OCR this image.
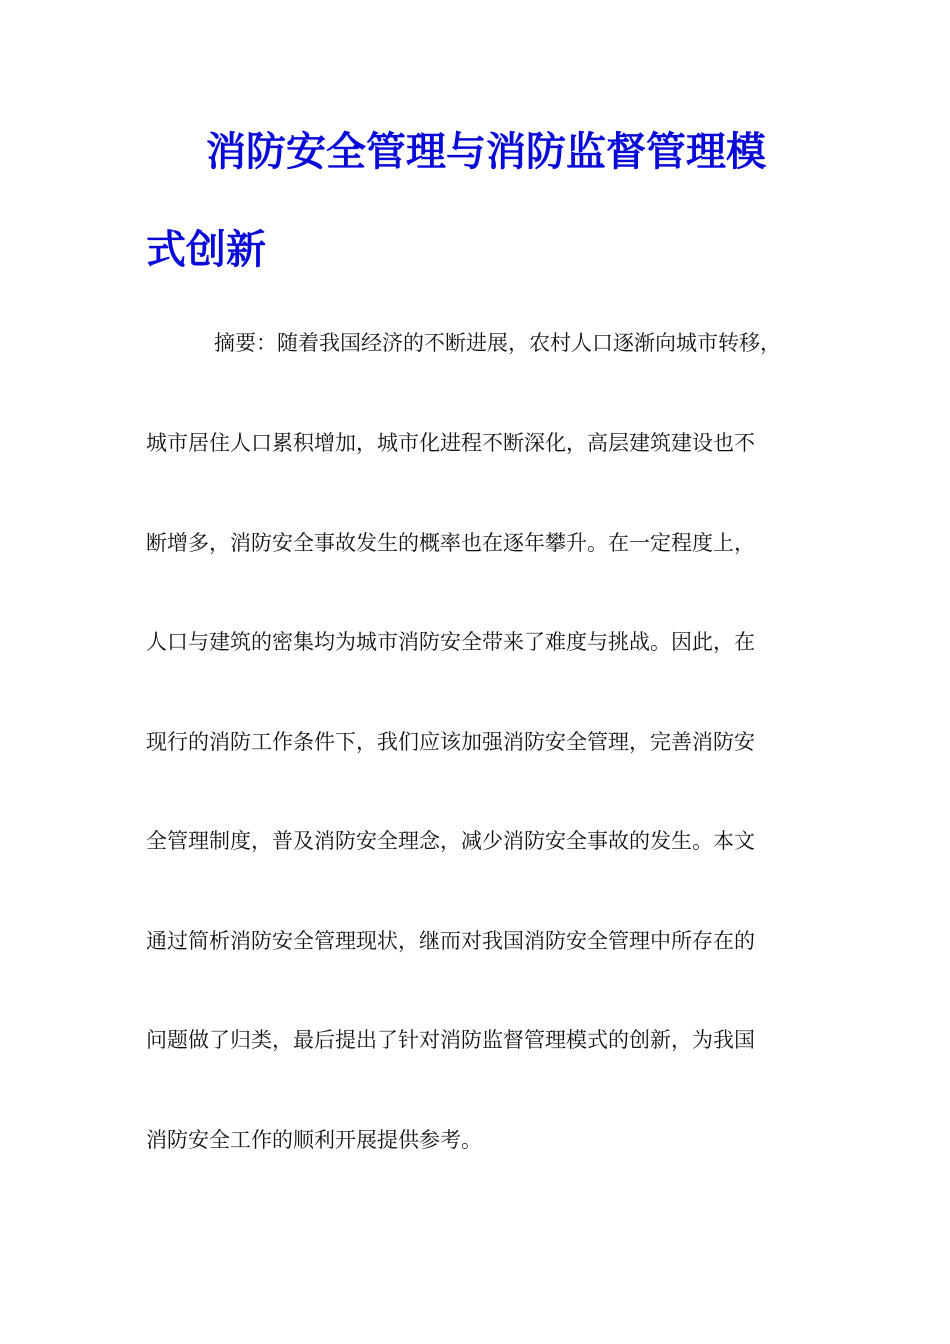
消防安全管理与消防监督管理模
式创新
摘要：随着我国经济的不断进展，农村人口逐渐向城市转移，
城市居住人口累积增加，城市化进程不断深化，高层建筑建设也不
断增多，消防安全事故发生的概率也在逐年攀升。在一定程度上，
人口与建筑的密集均为城市消防安全带来了难度与挑战。因此，在
现行的消防工作条件下，我们应该加强消防安全管理，完善消防安
全管理制度，普及消防安全理念，减少消防安全事故的发生。本文
通过简析消防安全管理现状，继而对我国消防安全管理中所存在的
问题做了归类，最后提出了针对消防监督管理模式的创新，为我国
消防安全工作的顺利开展提供参考。
